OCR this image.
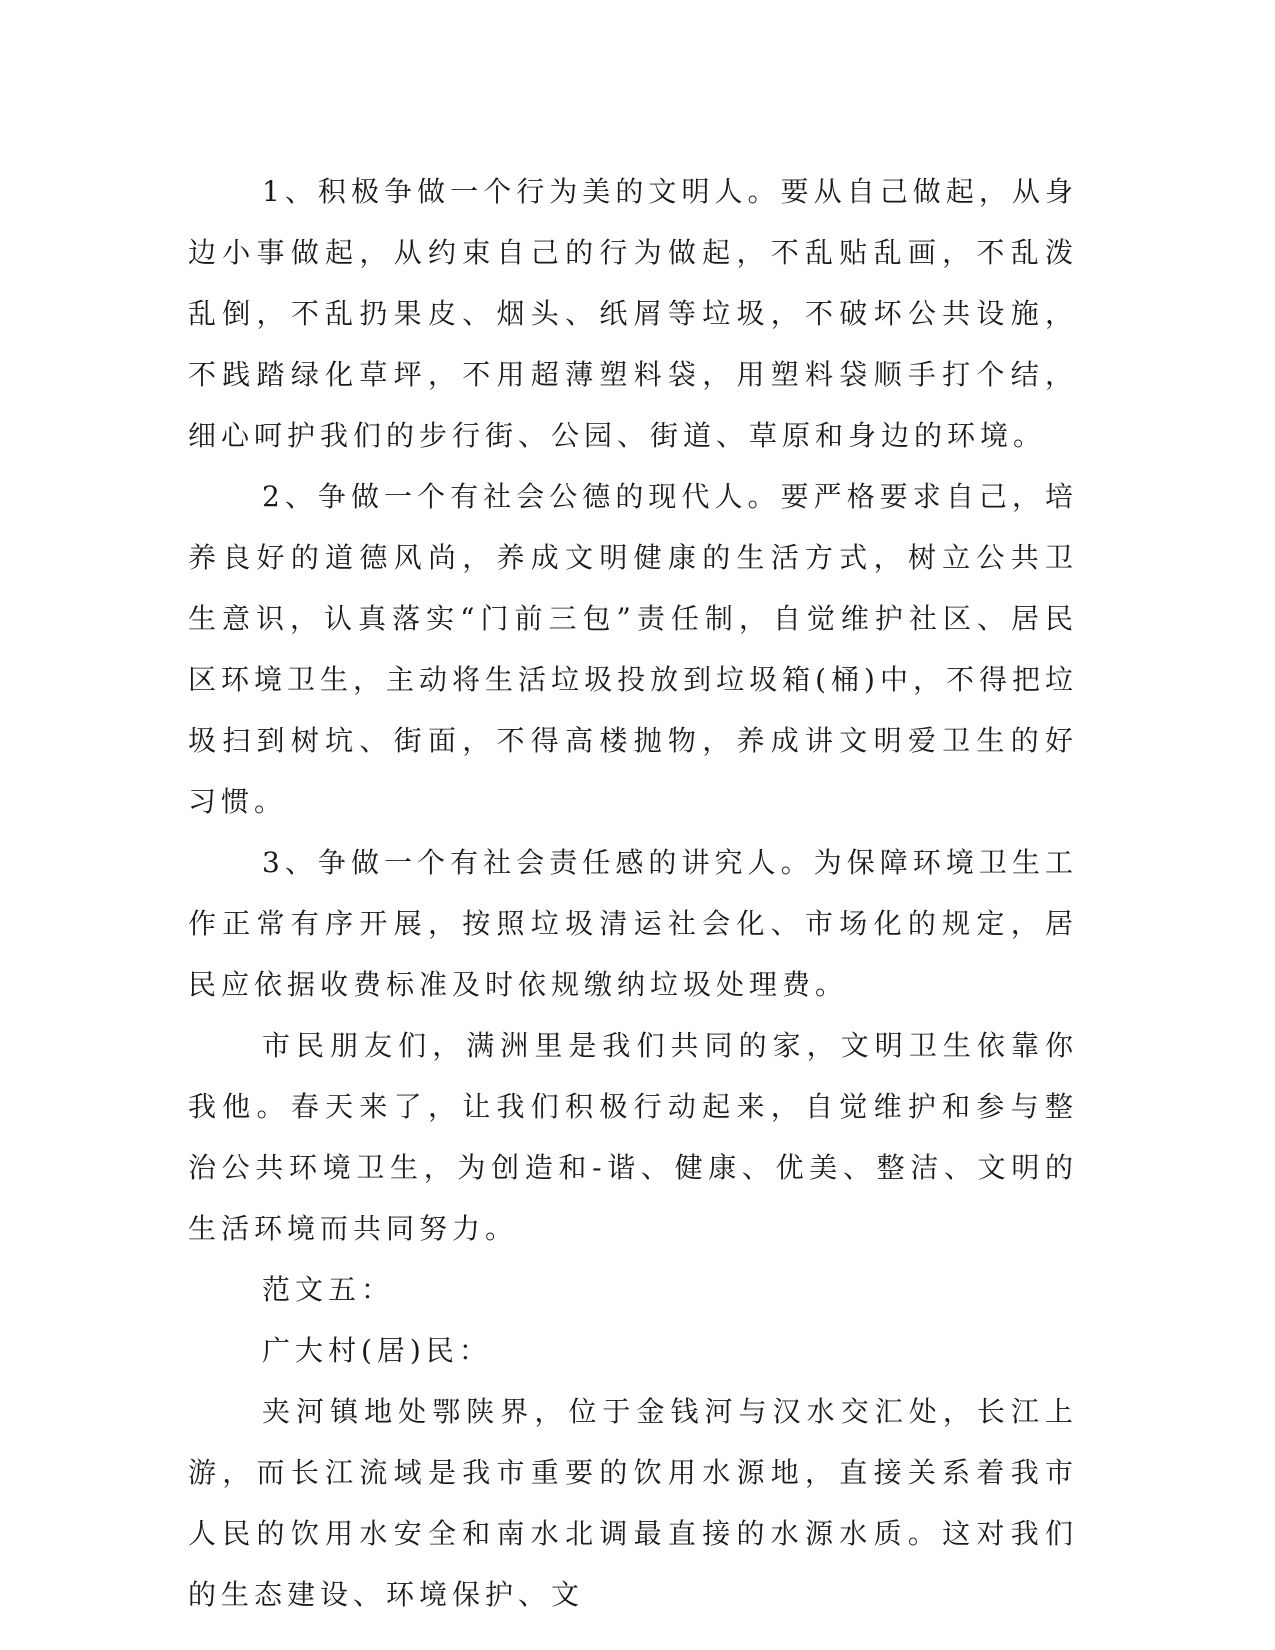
1、积极争做一个行为美的文明人。要从自己做起，从身边小事做起，从约束自己的行为做起，不乱贴乱画，不乱泼乱倒，不乱扔果皮、烟头、纸屑等垃圾，不破坏公共设施，不践踏绿化草坪，不用超薄塑料袋，用塑料袋顺手打个结，细心呵护我们的步行街、公园、街道、草原和身边的环境。

2、争做一个有社会公德的现代人。要严格要求自己，培养良好的道德风尚，养成文明健康的生活方式，树立公共卫生意识，认真落实“门前三包”责任制，自觉维护社区、居民区环境卫生，主动将生活垃圾投放到垃圾箱(桶)中，不得把垃圾扫到树坑、街面，不得高楼抛物，养成讲文明爱卫生的好习惯。

3、争做一个有社会责任感的讲究人。为保障环境卫生工作正常有序开展，按照垃圾清运社会化、市场化的规定，居民应依据收费标准及时依规缴纳垃圾处理费。

市民朋友们，满洲里是我们共同的家，文明卫生依靠你我他。春天来了，让我们积极行动起来，自觉维护和参与整治公共环境卫生，为创造和-谐、健康、优美、整洁、文明的生活环境而共同努力。

范文五：

广大村(居)民：

夹河镇地处鄂陕界，位于金钱河与汉水交汇处，长江上游，而长江流域是我市重要的饮用水源地，直接关系着我市人民的饮用水安全和南水北调最直接的水源水质。这对我们的生态建设、环境保护、文
